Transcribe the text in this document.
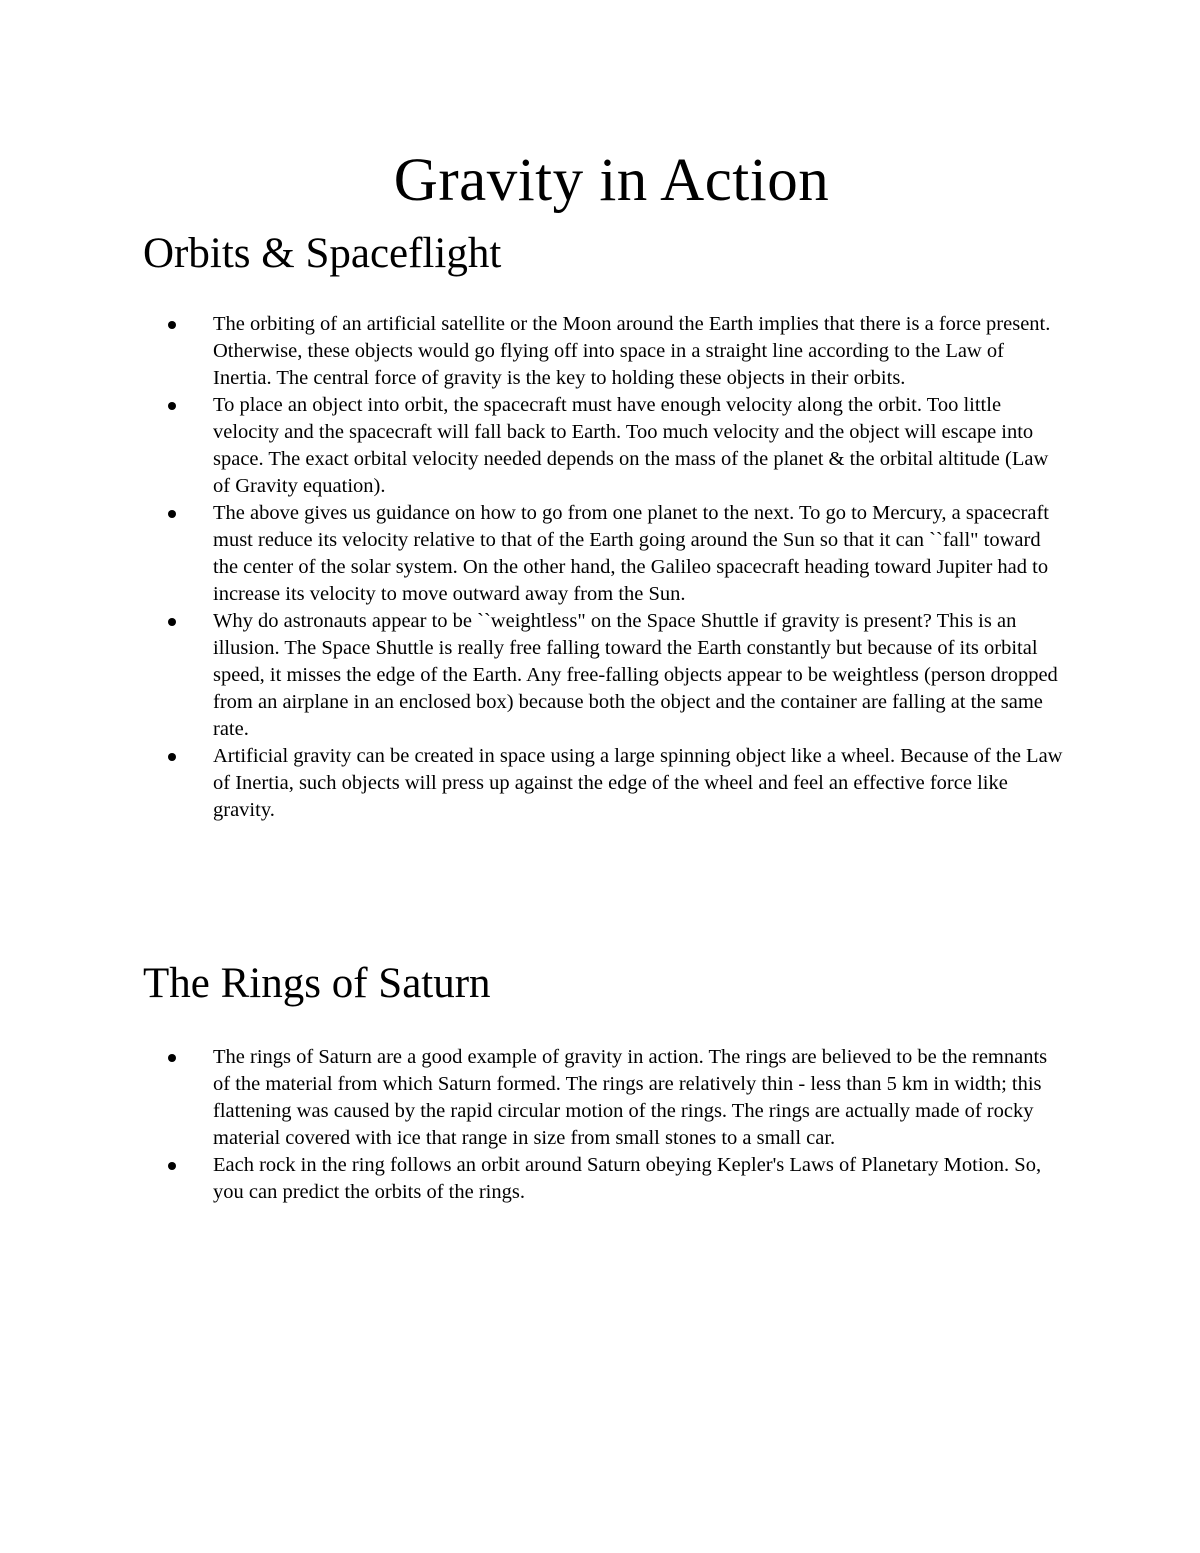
Gravity in Action
Orbits & Spaceflight
The orbiting of an artificial satellite or the Moon around the Earth implies that there is a force present. Otherwise, these objects would go flying off into space in a straight line according to the Law of Inertia. The central force of gravity is the key to holding these objects in their orbits.
To place an object into orbit, the spacecraft must have enough velocity along the orbit. Too little velocity and the spacecraft will fall back to Earth. Too much velocity and the object will escape into space. The exact orbital velocity needed depends on the mass of the planet & the orbital altitude (Law of Gravity equation).
The above gives us guidance on how to go from one planet to the next. To go to Mercury, a spacecraft must reduce its velocity relative to that of the Earth going around the Sun so that it can ``fall" toward the center of the solar system. On the other hand, the Galileo spacecraft heading toward Jupiter had to increase its velocity to move outward away from the Sun.
Why do astronauts appear to be ``weightless" on the Space Shuttle if gravity is present? This is an illusion. The Space Shuttle is really free falling toward the Earth constantly but because of its orbital speed, it misses the edge of the Earth. Any free-falling objects appear to be weightless (person dropped from an airplane in an enclosed box) because both the object and the container are falling at the same rate.
Artificial gravity can be created in space using a large spinning object like a wheel. Because of the Law of Inertia, such objects will press up against the edge of the wheel and feel an effective force like gravity.
The Rings of Saturn
The rings of Saturn are a good example of gravity in action. The rings are believed to be the remnants of the material from which Saturn formed. The rings are relatively thin - less than 5 km in width; this flattening was caused by the rapid circular motion of the rings. The rings are actually made of rocky material covered with ice that range in size from small stones to a small car.
Each rock in the ring follows an orbit around Saturn obeying Kepler's Laws of Planetary Motion. So, you can predict the orbits of the rings.
